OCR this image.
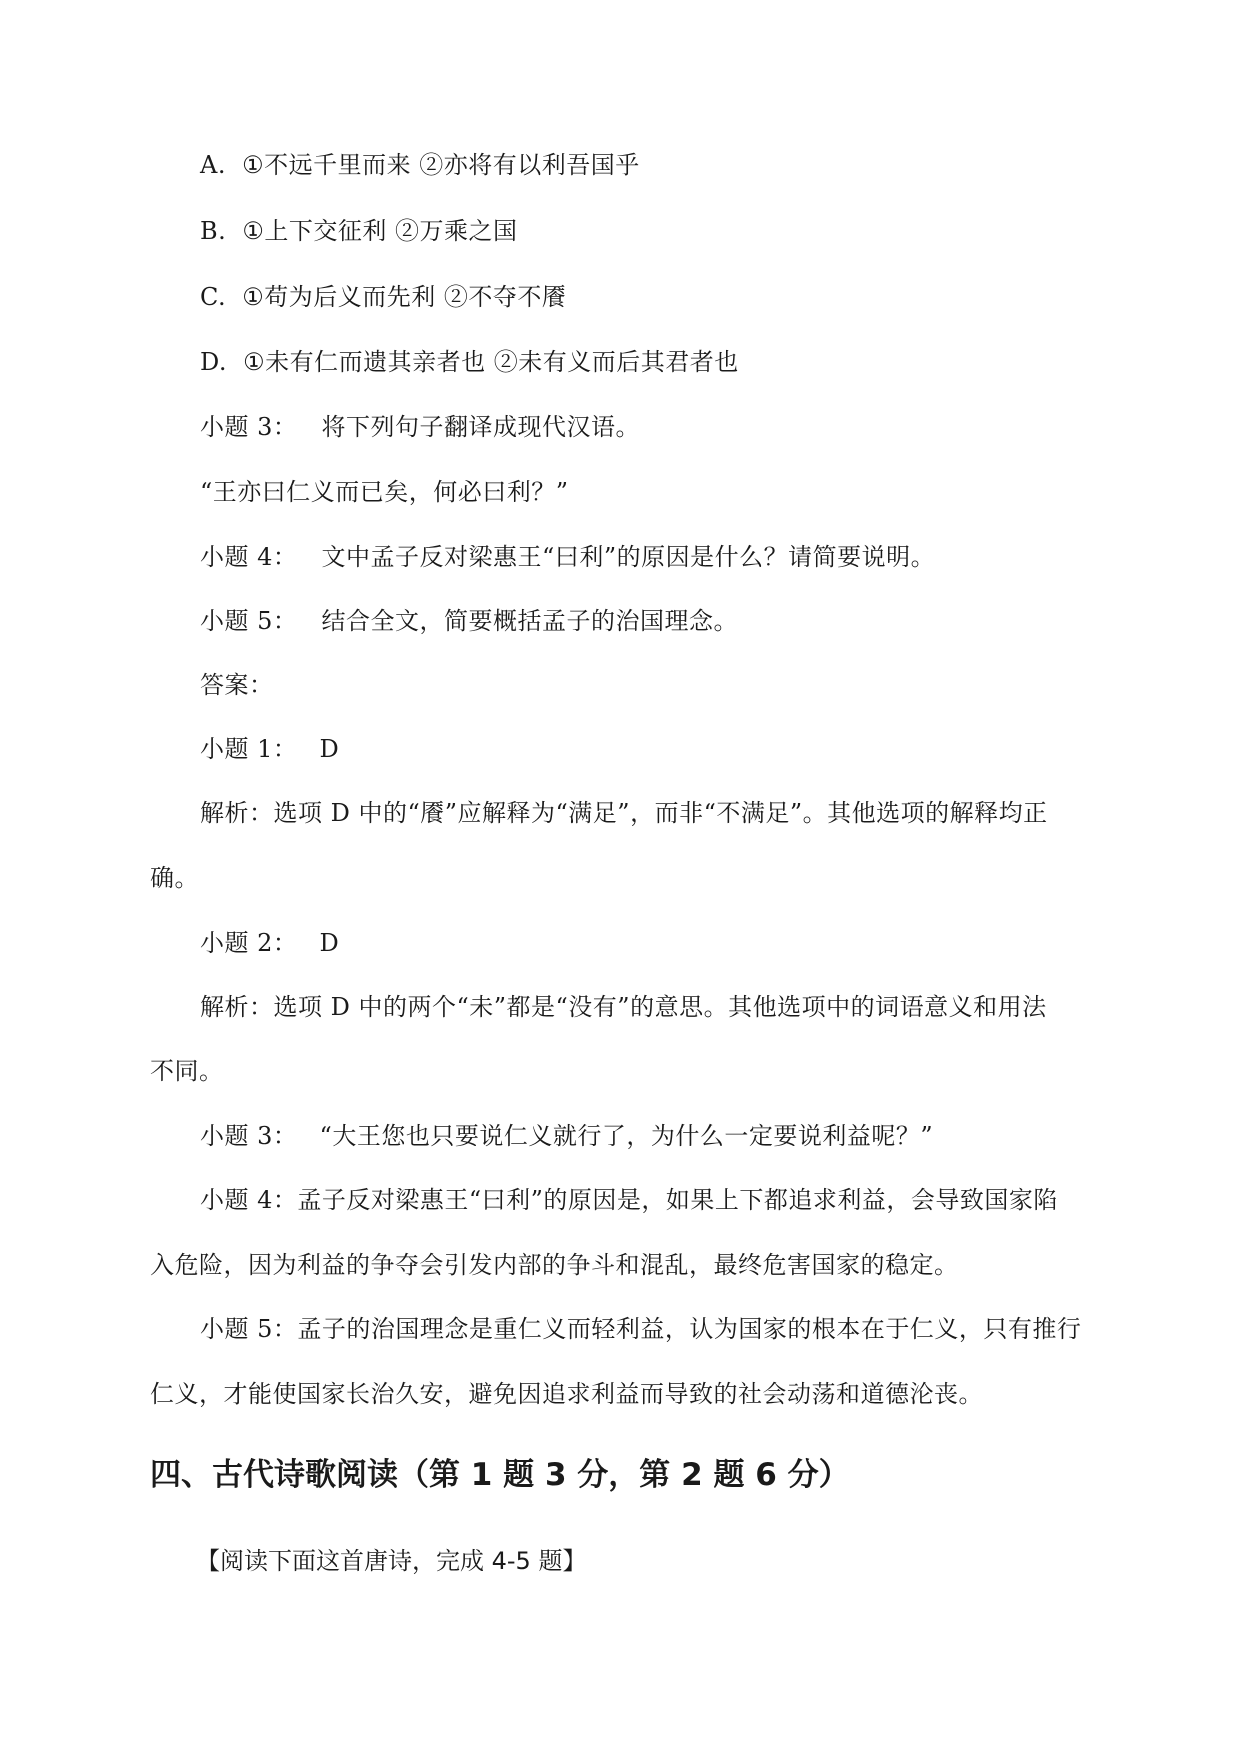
A. ①不远千里而来 ②亦将有以利吾国乎
B. ①上下交征利 ②万乘之国
C. ①苟为后义而先利 ②不夺不餍
D. ①未有仁而遗其亲者也 ②未有义而后其君者也
小题 3： 将下列句子翻译成现代汉语。
“王亦曰仁义而已矣，何必曰利？”
小题 4： 文中孟子反对梁惠王“曰利”的原因是什么？请简要说明。
小题 5： 结合全文，简要概括孟子的治国理念。
答案：
小题 1： D
解析：选项 D 中的“餍”应解释为“满足”，而非“不满足”。其他选项的解释均正
确。
小题 2： D
解析：选项 D 中的两个“未”都是“没有”的意思。其他选项中的词语意义和用法
不同。
小题 3： “大王您也只要说仁义就行了，为什么一定要说利益呢？”
小题 4：孟子反对梁惠王“曰利”的原因是，如果上下都追求利益，会导致国家陷
入危险，因为利益的争夺会引发内部的争斗和混乱，最终危害国家的稳定。
小题 5：孟子的治国理念是重仁义而轻利益，认为国家的根本在于仁义，只有推行
仁义，才能使国家长治久安，避免因追求利益而导致的社会动荡和道德沦丧。
四、古代诗歌阅读（第 1 题 3 分，第 2 题 6 分）
【阅读下面这首唐诗，完成 4-5 题】
